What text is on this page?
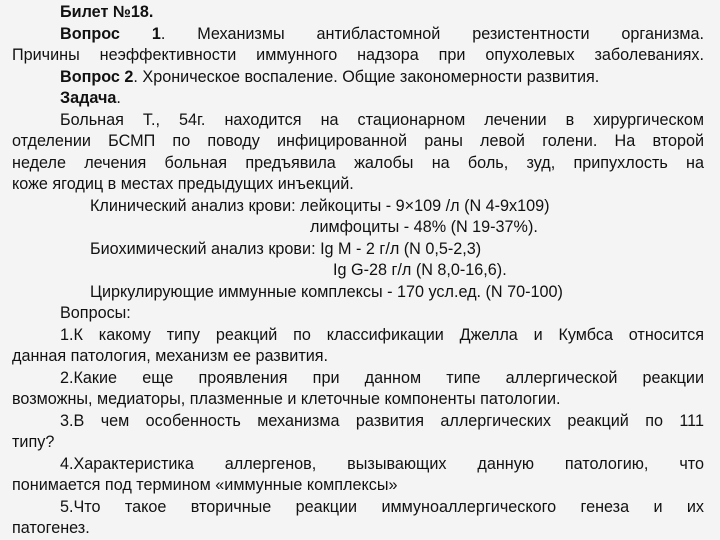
Билет №18.

Вопрос 1. Механизмы антибластомной резистентности организма.

Причины неэффективности иммунного надзора при опухолевых заболеваниях.

Вопрос 2. Хроническое воспаление. Общие закономерности развития.

Задача.

Больная Т., 54г. находится на стационарном лечении в хирургическом

отделении БСМП по поводу инфицированной раны левой голени. На второй

неделе лечения больная предъявила жалобы на боль, зуд, припухлость на

коже ягодиц в местах предыдущих инъекций.

Клинический анализ крови: лейкоциты - 9×109 /л (N 4-9х109)

лимфоциты - 48% (N 19-37%).

Биохимический анализ крови: Ig M - 2 г/л (N 0,5-2,3)

Ig G-28 г/л (N 8,0-16,6).

Циркулирующие иммунные комплексы - 170 усл.ед. (N 70-100)

Вопросы:

1.К какому типу реакций по классификации Джелла и Кумбса относится

данная патология, механизм ее развития.

2.Какие еще проявления при данном типе аллергической реакции

возможны, медиаторы, плазменные и клеточные компоненты патологии.

3.В чем особенность механизма развития аллергических реакций по 111

типу?

4.Характеристика аллергенов, вызывающих данную патологию, что

понимается под термином «иммунные комплексы»

5.Что такое вторичные реакции иммуноаллергического генеза и их

патогенез.
